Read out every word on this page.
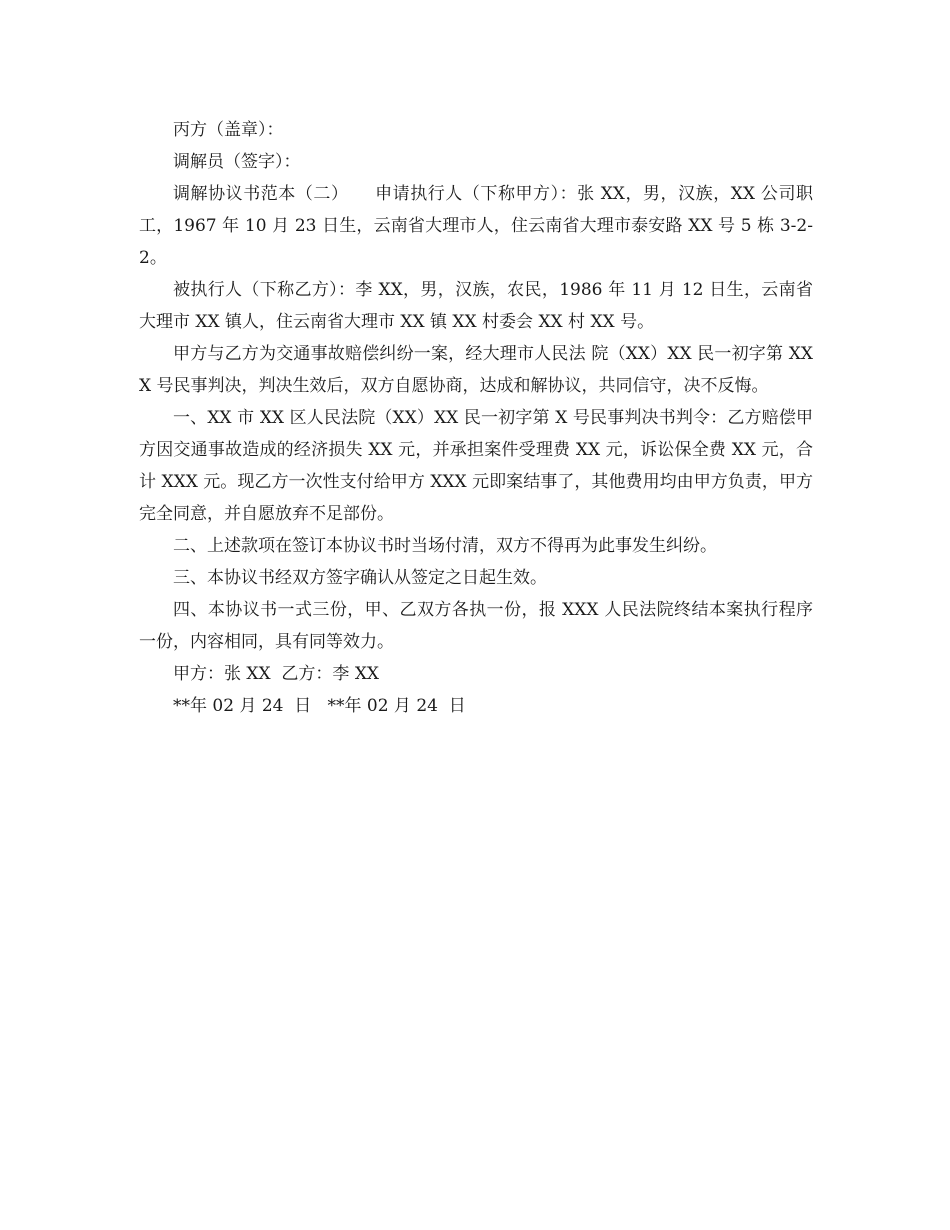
丙方（盖章）：

调解员（签字）：

调解协议书范本（二）　　申请执行人（下称甲方）：张 XX，男，汉族，XX 公司职工，1967 年 10 月 23 日生，云南省大理市人，住云南省大理市泰安路 XX 号 5 栋 3-2-2。

被执行人（下称乙方）：李 XX，男，汉族，农民，1986 年 11 月 12 日生，云南省大理市 XX 镇人，住云南省大理市 XX 镇 XX 村委会 XX 村 XX 号。

甲方与乙方为交通事故赔偿纠纷一案，经大理市人民法 院（XX）XX 民一初字第 XXX 号民事判决，判决生效后，双方自愿协商，达成和解协议，共同信守，决不反悔。

一、XX 市 XX 区人民法院（XX）XX 民一初字第 X 号民事判决书判令：乙方赔偿甲方因交通事故造成的经济损失 XX 元，并承担案件受理费 XX 元，诉讼保全费 XX 元，合计 XXX 元。现乙方一次性支付给甲方 XXX 元即案结事了，其他费用均由甲方负责，甲方完全同意，并自愿放弃不足部份。

二、上述款项在签订本协议书时当场付清，双方不得再为此事发生纠纷。

三、本协议书经双方签字确认从签定之日起生效。

四、本协议书一式三份，甲、乙双方各执一份，报 XXX 人民法院终结本案执行程序一份，内容相同，具有同等效力。

甲方：张 XX  乙方：李 XX

**年 02 月 24  日   **年 02 月 24  日
